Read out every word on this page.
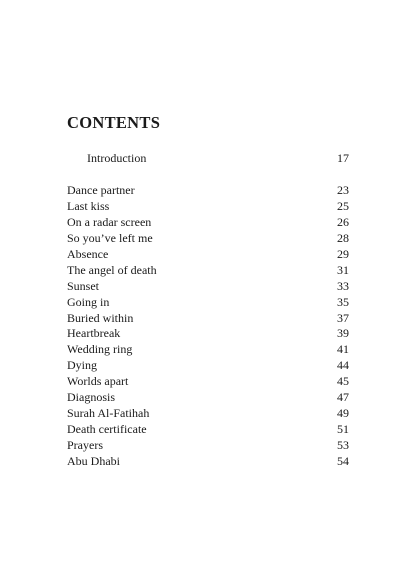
CONTENTS
Introduction	17
Dance partner	23
Last kiss	25
On a radar screen	26
So you’ve left me	28
Absence	29
The angel of death	31
Sunset	33
Going in	35
Buried within	37
Heartbreak	39
Wedding ring	41
Dying	44
Worlds apart	45
Diagnosis	47
Surah Al-Fatihah	49
Death certificate	51
Prayers	53
Abu Dhabi	54
